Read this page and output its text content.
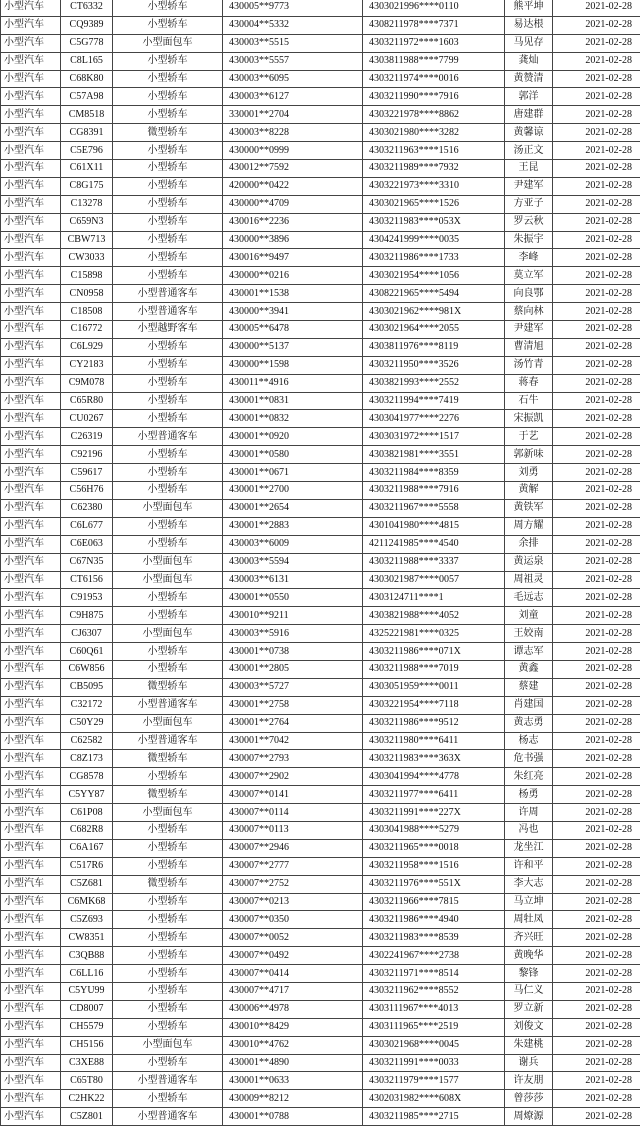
小型汽车	CT6332	小型轿车	430005**9773	4303021996****0110	熊平坤	2021-02-28
小型汽车	CQ9389	小型轿车	430004**5332	4308211978****7371	易达根	2021-02-28
小型汽车	C5G778	小型面包车	430003**5515	4303211972****1603	马见存	2021-02-28
小型汽车	C8L165	小型轿车	430003**5557	4303811988****7799	龚灿	2021-02-28
小型汽车	C68K80	小型轿车	430003**6095	4303211974****0016	黄赞清	2021-02-28
小型汽车	C57A98	小型轿车	430003**6127	4303211990****7916	郭洋	2021-02-28
小型汽车	CM8518	小型轿车	330001**2704	4303221978****8862	唐建群	2021-02-28
小型汽车	CG8391	微型轿车	430003**8228	4303021980****3282	黄馨谅	2021-02-28
小型汽车	C5E796	小型轿车	430000**0999	4303211963****1516	汤正文	2021-02-28
小型汽车	C61X11	小型轿车	430012**7592	4303211989****7932	王昆	2021-02-28
小型汽车	C8G175	小型轿车	420000**0422	4303221973****3310	尹建军	2021-02-28
小型汽车	C13278	小型轿车	430000**4709	4303021965****1526	方亚子	2021-02-28
小型汽车	C659N3	小型轿车	430016**2236	4303211983****053X	罗云秋	2021-02-28
小型汽车	CBW713	小型轿车	430000**3896	4304241999****0035	朱振宇	2021-02-28
小型汽车	CW3033	小型轿车	430016**9497	4303211986****1733	李峰	2021-02-28
小型汽车	C15898	小型轿车	430000**0216	4303021954****1056	莫立军	2021-02-28
小型汽车	CN0958	小型普通客车	430001**1538	4308221965****5494	向良鄂	2021-02-28
小型汽车	C18508	小型普通客车	430000**3941	4303021962****981X	蔡向林	2021-02-28
小型汽车	C16772	小型越野客车	430005**6478	4303021964****2055	尹建军	2021-02-28
小型汽车	C6L929	小型轿车	430000**5137	4303811976****8119	曹清旭	2021-02-28
小型汽车	CY2183	小型轿车	430000**1598	4303211950****3526	汤竹青	2021-02-28
小型汽车	C9M078	小型轿车	430011**4916	4303821993****2552	蒋春	2021-02-28
小型汽车	C65R80	小型轿车	430001**0831	4303211994****7419	石牛	2021-02-28
小型汽车	CU0267	小型轿车	430001**0832	4303041977****2276	宋振凯	2021-02-28
小型汽车	C26319	小型普通客车	430001**0920	4303031972****1517	于艺	2021-02-28
小型汽车	C92196	小型轿车	430001**0580	4303821981****3551	郭新味	2021-02-28
小型汽车	C59617	小型轿车	430001**0671	4303211984****8359	刘勇	2021-02-28
小型汽车	C56H76	小型轿车	430001**2700	4303211988****7916	黄解	2021-02-28
小型汽车	C62380	小型面包车	430001**2654	4303211967****5558	黄铁军	2021-02-28
小型汽车	C6L677	小型轿车	430001**2883	4301041980****4815	周方耀	2021-02-28
小型汽车	C6E063	小型轿车	430003**6009	4211241985****4540	余排	2021-02-28
小型汽车	C67N35	小型面包车	430003**5594	4303211988****3337	黄运泉	2021-02-28
小型汽车	CT6156	小型面包车	430003**6131	4303021987****0057	周祖灵	2021-02-28
小型汽车	C91953	小型轿车	430001**0550	4303124711****1	毛远志	2021-02-28
小型汽车	C9H875	小型轿车	430010**9211	4303821988****4052	刘童	2021-02-28
小型汽车	CJ6307	小型面包车	430003**5916	4325221981****0325	王姣南	2021-02-28
小型汽车	C60Q61	小型轿车	430001**0738	4303211986****071X	谭志军	2021-02-28
小型汽车	C6W856	小型轿车	430001**2805	4303211988****7019	黄鑫	2021-02-28
小型汽车	CB5095	微型轿车	430003**5727	4303051959****0011	蔡建	2021-02-28
小型汽车	C32172	小型普通客车	430001**2758	4303221954****7118	肖建国	2021-02-28
小型汽车	C50Y29	小型面包车	430001**2764	4303211986****9512	黄志勇	2021-02-28
小型汽车	C62582	小型普通客车	430001**7042	4303211980****6411	杨志	2021-02-28
小型汽车	C8Z173	微型轿车	430007**2793	4303211983****363X	危书强	2021-02-28
小型汽车	CG8578	小型轿车	430007**2902	4303041994****4778	朱红亮	2021-02-28
小型汽车	C5YY87	微型轿车	430007**0141	4303211977****6411	杨勇	2021-02-28
小型汽车	C61P08	小型面包车	430007**0114	4303211991****227X	许周	2021-02-28
小型汽车	C682R8	小型轿车	430007**0113	4303041988****5279	冯也	2021-02-28
小型汽车	C6A167	小型轿车	430007**2946	4303211965****0018	龙坐江	2021-02-28
小型汽车	C517R6	小型轿车	430007**2777	4303211958****1516	许和平	2021-02-28
小型汽车	C5Z681	微型轿车	430007**2752	4303211976****551X	李大志	2021-02-28
小型汽车	C6MK68	小型轿车	430007**0213	4303211966****7815	马立坤	2021-02-28
小型汽车	C5Z693	小型轿车	430007**0350	4303211986****4940	周牡凤	2021-02-28
小型汽车	CW8351	小型轿车	430007**0052	4303211983****8539	齐兴旺	2021-02-28
小型汽车	C3QB88	小型轿车	430007**0492	4302241967****2738	黄晚华	2021-02-28
小型汽车	C6LL16	小型轿车	430007**0414	4303211971****8514	黎锋	2021-02-28
小型汽车	C5YU99	小型轿车	430007**4717	4303211962****8552	马仁义	2021-02-28
小型汽车	CD8007	小型轿车	430006**4978	4303111967****4013	罗立新	2021-02-28
小型汽车	CH5579	小型轿车	430010**8429	4303111965****2519	刘俊文	2021-02-28
小型汽车	CH5156	小型面包车	430010**4762	4303021968****0045	朱建桃	2021-02-28
小型汽车	C3XE88	小型轿车	430001**4890	4303211991****0033	谢兵	2021-02-28
小型汽车	C65T80	小型普通客车	430001**0633	4303211979****1577	许友朋	2021-02-28
小型汽车	C2HK22	小型轿车	430009**8212	4302031982****608X	曾莎莎	2021-02-28
小型汽车	C5Z801	小型普通客车	430001**0788	4303211985****2715	周燎源	2021-02-28
